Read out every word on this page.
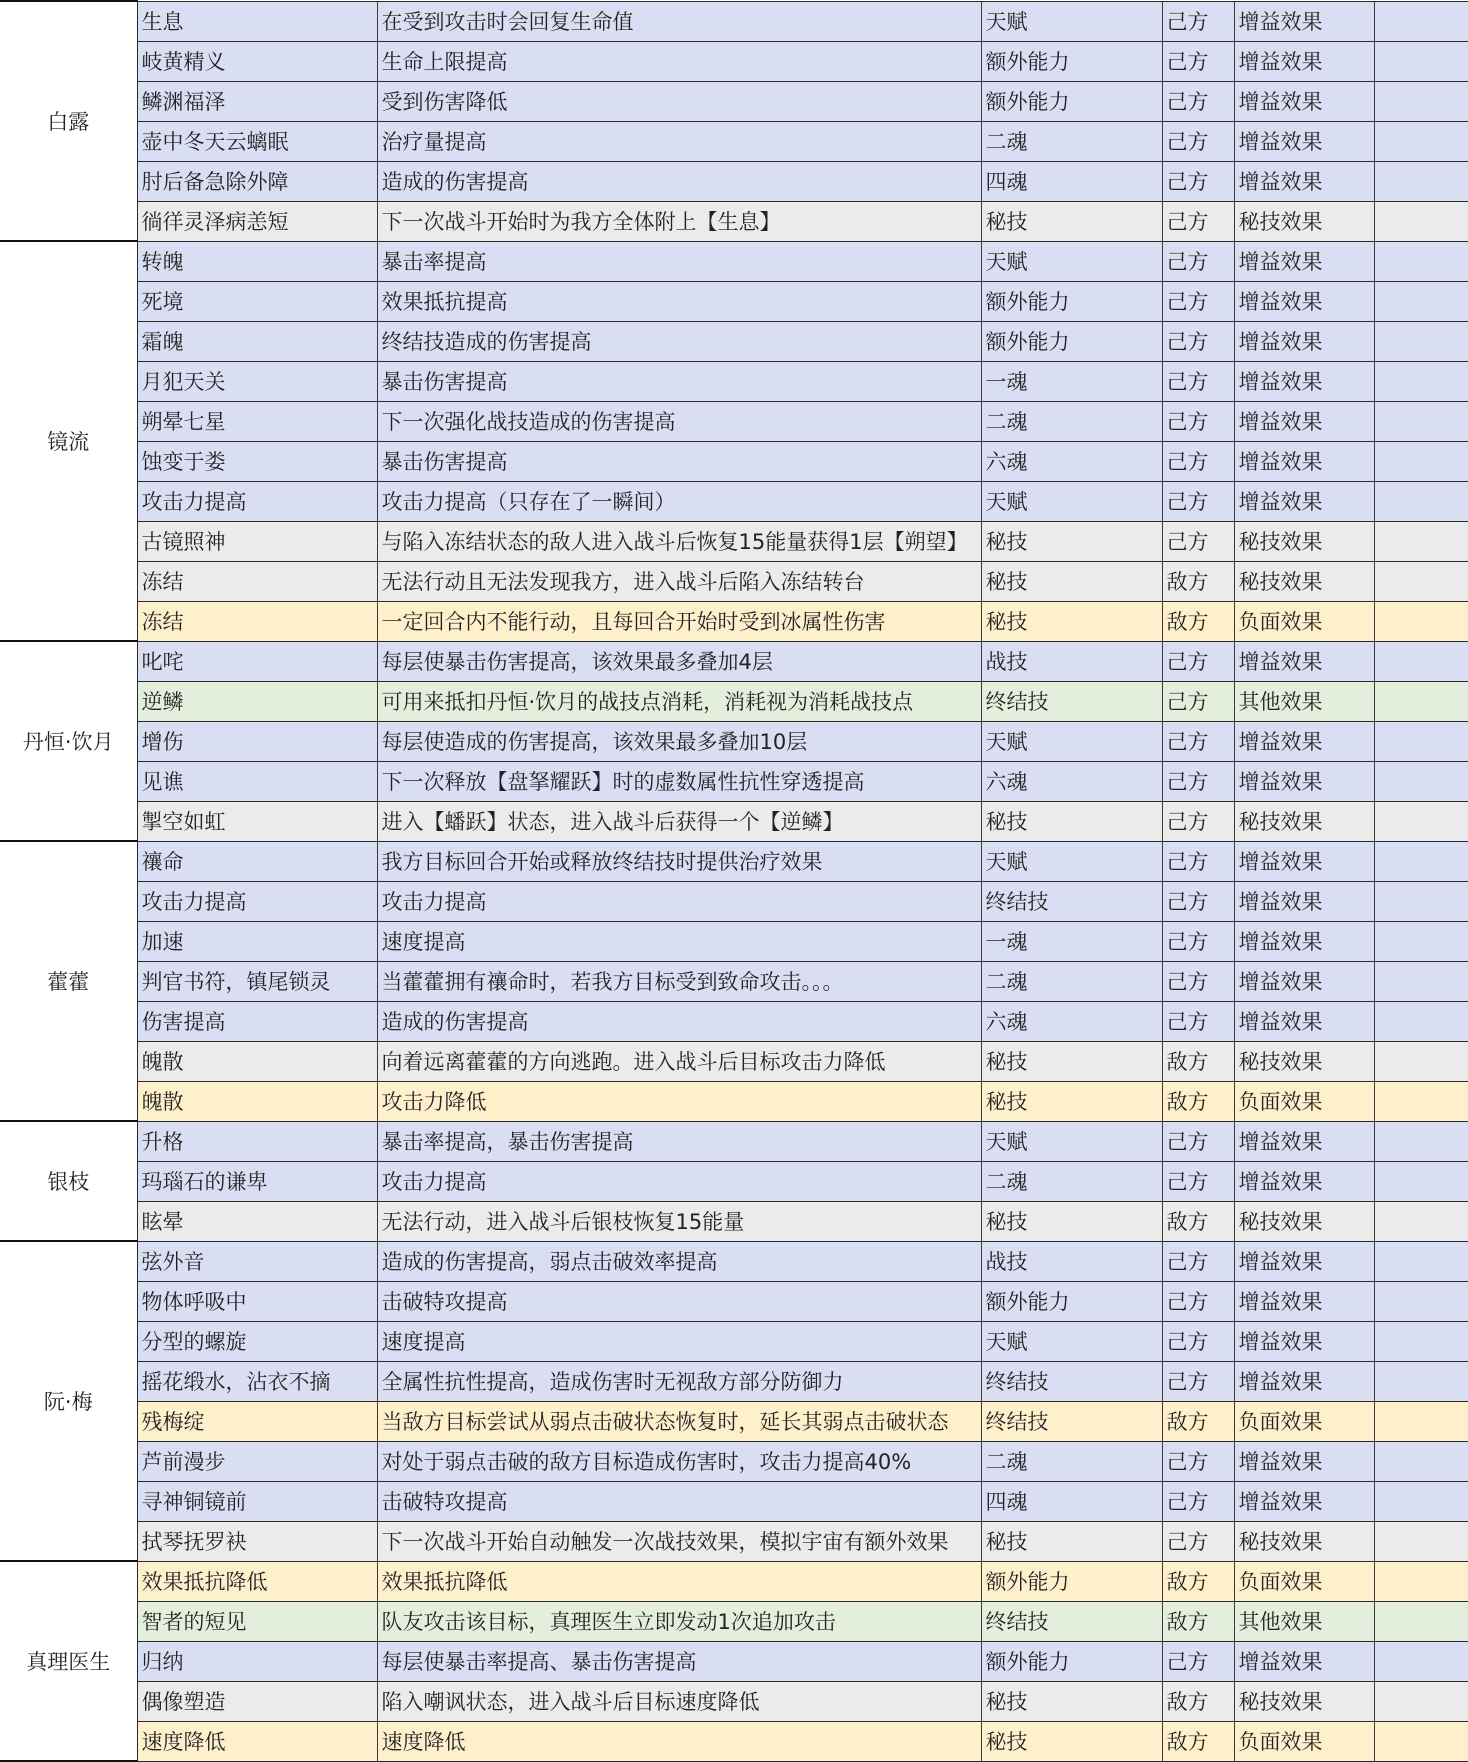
白露	生息	在受到攻击时会回复生命值	天赋	己方	增益效果	
	岐黄精义	生命上限提高	额外能力	己方	增益效果	
	鳞渊福泽	受到伤害降低	额外能力	己方	增益效果	
	壶中冬天云螭眠	治疗量提高	二魂	己方	增益效果	
	肘后备急除外障	造成的伤害提高	四魂	己方	增益效果	
	徜徉灵泽病恙短	下一次战斗开始时为我方全体附上【生息】	秘技	己方	秘技效果	
镜流	转魄	暴击率提高	天赋	己方	增益效果	
	死境	效果抵抗提高	额外能力	己方	增益效果	
	霜魄	终结技造成的伤害提高	额外能力	己方	增益效果	
	月犯天关	暴击伤害提高	一魂	己方	增益效果	
	朔晕七星	下一次强化战技造成的伤害提高	二魂	己方	增益效果	
	蚀变于娄	暴击伤害提高	六魂	己方	增益效果	
	攻击力提高	攻击力提高（只存在了一瞬间）	天赋	己方	增益效果	
	古镜照神	与陷入冻结状态的敌人进入战斗后恢复15能量获得1层【朔望】	秘技	己方	秘技效果	
	冻结	无法行动且无法发现我方，进入战斗后陷入冻结转台	秘技	敌方	秘技效果	
	冻结	一定回合内不能行动，且每回合开始时受到冰属性伤害	秘技	敌方	负面效果	
丹恒·饮月	叱咤	每层使暴击伤害提高，该效果最多叠加4层	战技	己方	增益效果	
	逆鳞	可用来抵扣丹恒·饮月的战技点消耗，消耗视为消耗战技点	终结技	己方	其他效果	
	增伤	每层使造成的伤害提高，该效果最多叠加10层	天赋	己方	增益效果	
	见谯	下一次释放【盘拏耀跃】时的虚数属性抗性穿透提高	六魂	己方	增益效果	
	掣空如虹	进入【蟠跃】状态，进入战斗后获得一个【逆鳞】	秘技	己方	秘技效果	
藿藿	禳命	我方目标回合开始或释放终结技时提供治疗效果	天赋	己方	增益效果	
	攻击力提高	攻击力提高	终结技	己方	增益效果	
	加速	速度提高	一魂	己方	增益效果	
	判官书符，镇尾锁灵	当藿藿拥有禳命时，若我方目标受到致命攻击。。。	二魂	己方	增益效果	
	伤害提高	造成的伤害提高	六魂	己方	增益效果	
	魄散	向着远离藿藿的方向逃跑。进入战斗后目标攻击力降低	秘技	敌方	秘技效果	
	魄散	攻击力降低	秘技	敌方	负面效果	
银枝	升格	暴击率提高，暴击伤害提高	天赋	己方	增益效果	
	玛瑙石的谦卑	攻击力提高	二魂	己方	增益效果	
	眩晕	无法行动，进入战斗后银枝恢复15能量	秘技	敌方	秘技效果	
阮·梅	弦外音	造成的伤害提高，弱点击破效率提高	战技	己方	增益效果	
	物体呼吸中	击破特攻提高	额外能力	己方	增益效果	
	分型的螺旋	速度提高	天赋	己方	增益效果	
	摇花缎水，沾衣不摘	全属性抗性提高，造成伤害时无视敌方部分防御力	终结技	己方	增益效果	
	残梅绽	当敌方目标尝试从弱点击破状态恢复时，延长其弱点击破状态	终结技	敌方	负面效果	
	芦前漫步	对处于弱点击破的敌方目标造成伤害时，攻击力提高40%	二魂	己方	增益效果	
	寻神铜镜前	击破特攻提高	四魂	己方	增益效果	
	拭琴抚罗袂	下一次战斗开始自动触发一次战技效果，模拟宇宙有额外效果	秘技	己方	秘技效果	
真理医生	效果抵抗降低	效果抵抗降低	额外能力	敌方	负面效果	
	智者的短见	队友攻击该目标，真理医生立即发动1次追加攻击	终结技	敌方	其他效果	
	归纳	每层使暴击率提高、暴击伤害提高	额外能力	己方	增益效果	
	偶像塑造	陷入嘲讽状态，进入战斗后目标速度降低	秘技	敌方	秘技效果	
	速度降低	速度降低	秘技	敌方	负面效果	
